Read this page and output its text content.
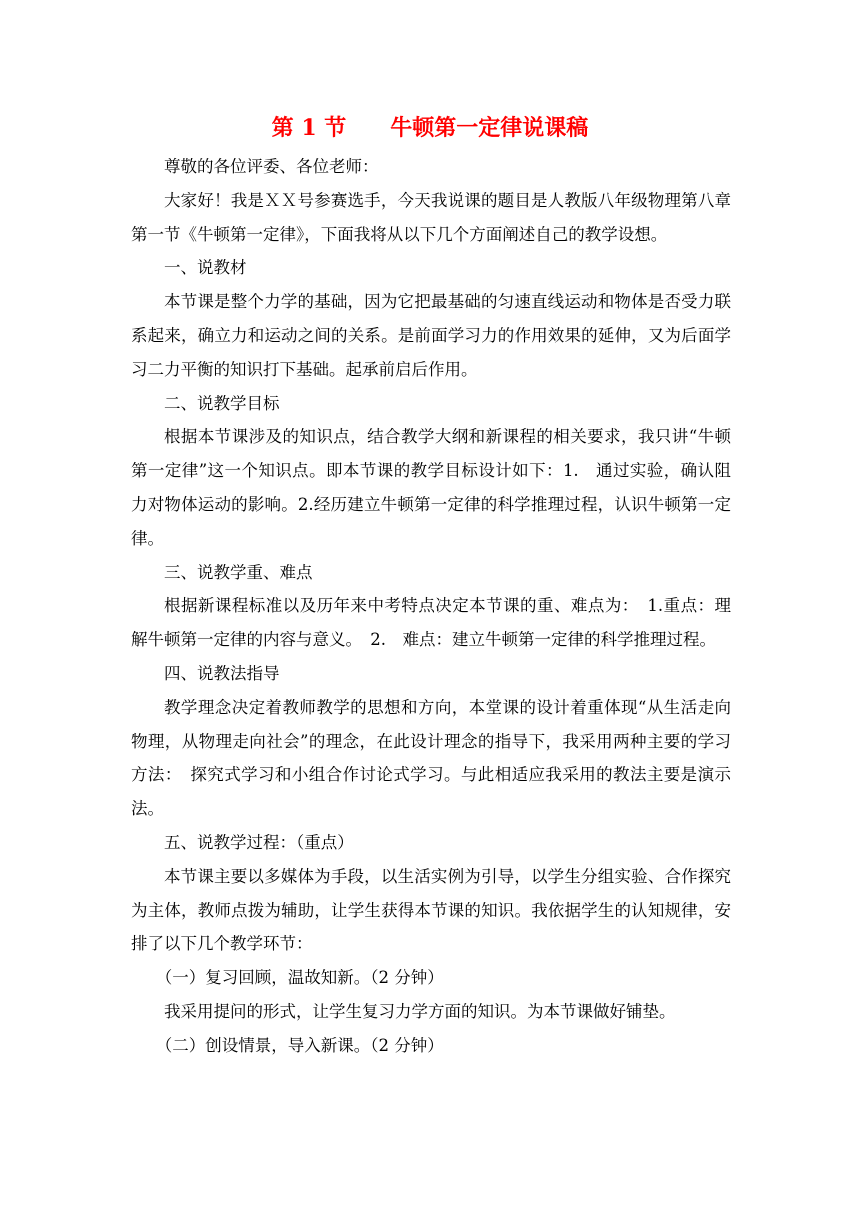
第 1 节　　牛顿第一定律说课稿

尊敬的各位评委、各位老师：

大家好！我是ＸＸ号参赛选手，今天我说课的题目是人教版八年级物理第八章第一节《牛顿第一定律》，下面我将从以下几个方面阐述自己的教学设想。

一、说教材

本节课是整个力学的基础，因为它把最基础的匀速直线运动和物体是否受力联系起来，确立力和运动之间的关系。是前面学习力的作用效果的延伸，又为后面学习二力平衡的知识打下基础。起承前启后作用。

二、说教学目标

根据本节课涉及的知识点，结合教学大纲和新课程的相关要求，我只讲“牛顿第一定律”这一个知识点。即本节课的教学目标设计如下：1.　通过实验，确认阻力对物体运动的影响。2.经历建立牛顿第一定律的科学推理过程，认识牛顿第一定律。

三、说教学重、难点

根据新课程标准以及历年来中考特点决定本节课的重、难点为：　1.重点：理解牛顿第一定律的内容与意义。　2.　难点：建立牛顿第一定律的科学推理过程。

四、说教法指导

教学理念决定着教师教学的思想和方向，本堂课的设计着重体现“从生活走向物理，从物理走向社会”的理念，在此设计理念的指导下，我采用两种主要的学习方法：　探究式学习和小组合作讨论式学习。与此相适应我采用的教法主要是演示法。

五、说教学过程：（重点）

本节课主要以多媒体为手段，以生活实例为引导，以学生分组实验、合作探究为主体，教师点拨为辅助，让学生获得本节课的知识。我依据学生的认知规律，安排了以下几个教学环节：

（一）复习回顾，温故知新。（2 分钟）

我采用提问的形式，让学生复习力学方面的知识。为本节课做好铺垫。

（二）创设情景，导入新课。（2 分钟）
